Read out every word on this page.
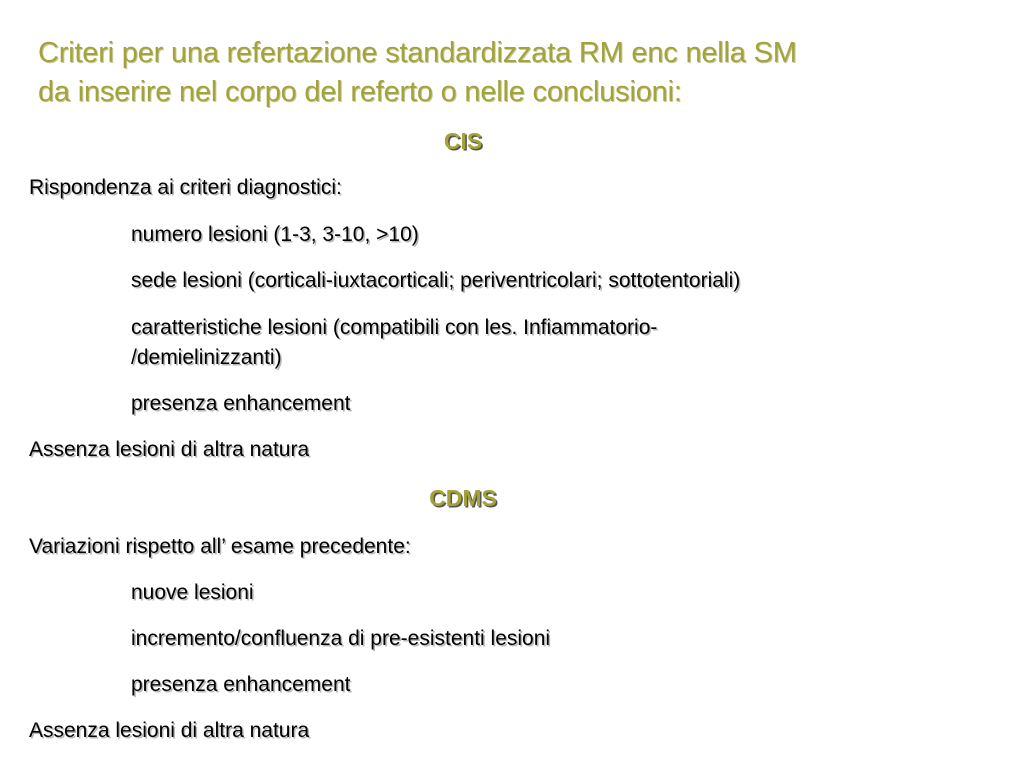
Criteri per una refertazione standardizzata RM enc nella SM
da inserire nel corpo del referto o nelle conclusioni:
CIS
Rispondenza ai criteri diagnostici:
numero lesioni (1-3, 3-10, >10)
sede lesioni (corticali-iuxtacorticali; periventricolari; sottotentoriali)
caratteristiche lesioni (compatibili con les. Infiammatorio-
/demielinizzanti)
presenza enhancement
Assenza lesioni di altra natura
CDMS
Variazioni rispetto all’ esame precedente:
nuove lesioni
incremento/confluenza di pre-esistenti lesioni
presenza enhancement
Assenza lesioni di altra natura
